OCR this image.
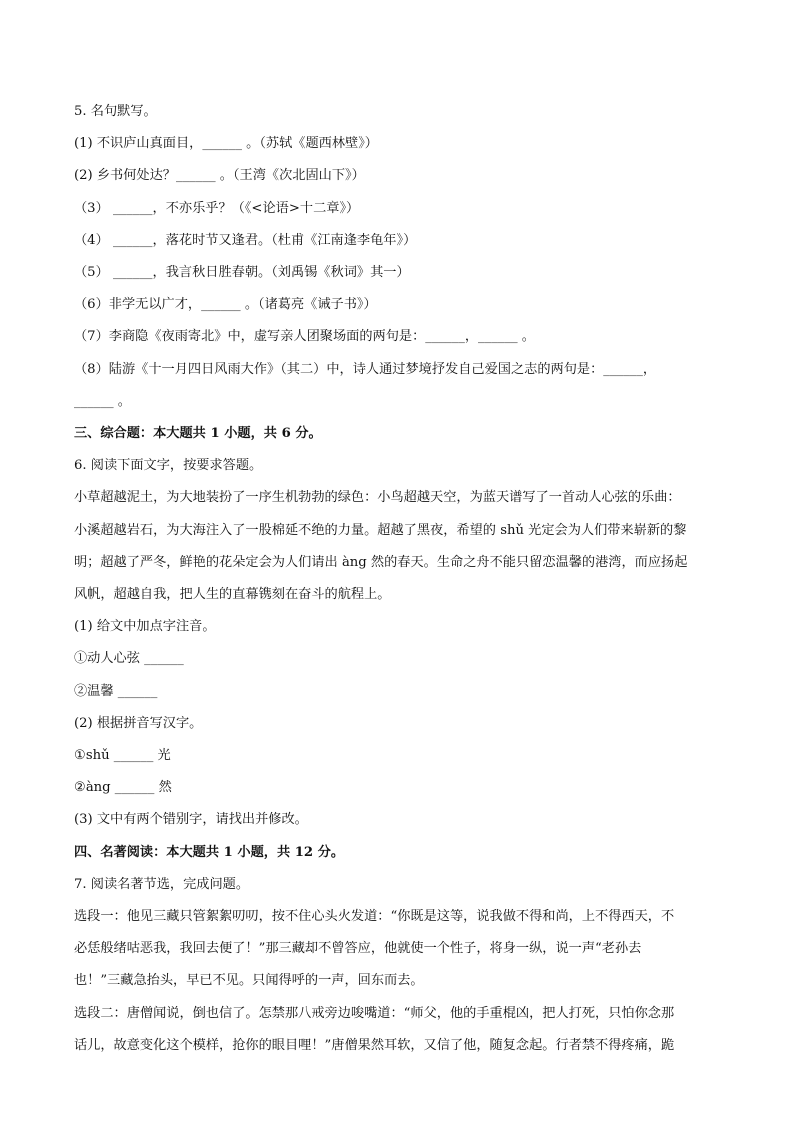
5. 名句默写。
(1) 不识庐山真面目，______ 。（苏轼《题西林壁》）
(2) 乡书何处达？______ 。（王湾《次北固山下》）
（3） ______，不亦乐乎？（《<论语>十二章》）
（4） ______，落花时节又逢君。（杜甫《江南逢李龟年》）
（5） ______，我言秋日胜春朝。（刘禹锡《秋词》其一）
（6）非学无以广才，______ 。（诸葛亮《诫子书》）
（7）李商隐《夜雨寄北》中，虚写亲人团聚场面的两句是：______，______ 。
（8）陆游《十一月四日风雨大作》（其二）中，诗人通过梦境抒发自己爱国之志的两句是：______，
______ 。
三、综合题：本大题共 1 小题，共 6 分。
6. 阅读下面文字，按要求答题。
小草超越泥土，为大地装扮了一序生机勃勃的绿色：小鸟超越天空，为蓝天谱写了一首动人心弦的乐曲：
小溪超越岩石，为大海注入了一股棉延不绝的力量。超越了黑夜，希望的 shǔ 光定会为人们带来崭新的黎
明；超越了严冬，鲜艳的花朵定会为人们请出 àng 然的春天。生命之舟不能只留恋温馨的港湾，而应扬起
风帆，超越自我，把人生的直幕镌刻在奋斗的航程上。
(1) 给文中加点字注音。
①动人心弦 ______
②温馨 ______
(2) 根据拼音写汉字。
①shǔ ______ 光
②àng ______ 然
(3) 文中有两个错别字，请找出并修改。
四、名著阅读：本大题共 1 小题，共 12 分。
7. 阅读名著节选，完成问题。
选段一：他见三藏只管絮絮叨叨，按不住心头火发道：“你既是这等，说我做不得和尚，上不得西天，不
必恁般绪咕恶我，我回去便了！”那三藏却不曾答应，他就使一个性子，将身一纵，说一声“老孙去
也！”三藏急抬头，早已不见。只闻得呼的一声，回东而去。
选段二：唐僧闻说，倒也信了。怎禁那八戒旁边唆嘴道：“师父，他的手重棍凶，把人打死，只怕你念那
话儿，故意变化这个模样，抢你的眼目哩！”唐僧果然耳软，又信了他，随复念起。行者禁不得疼痛，跪
